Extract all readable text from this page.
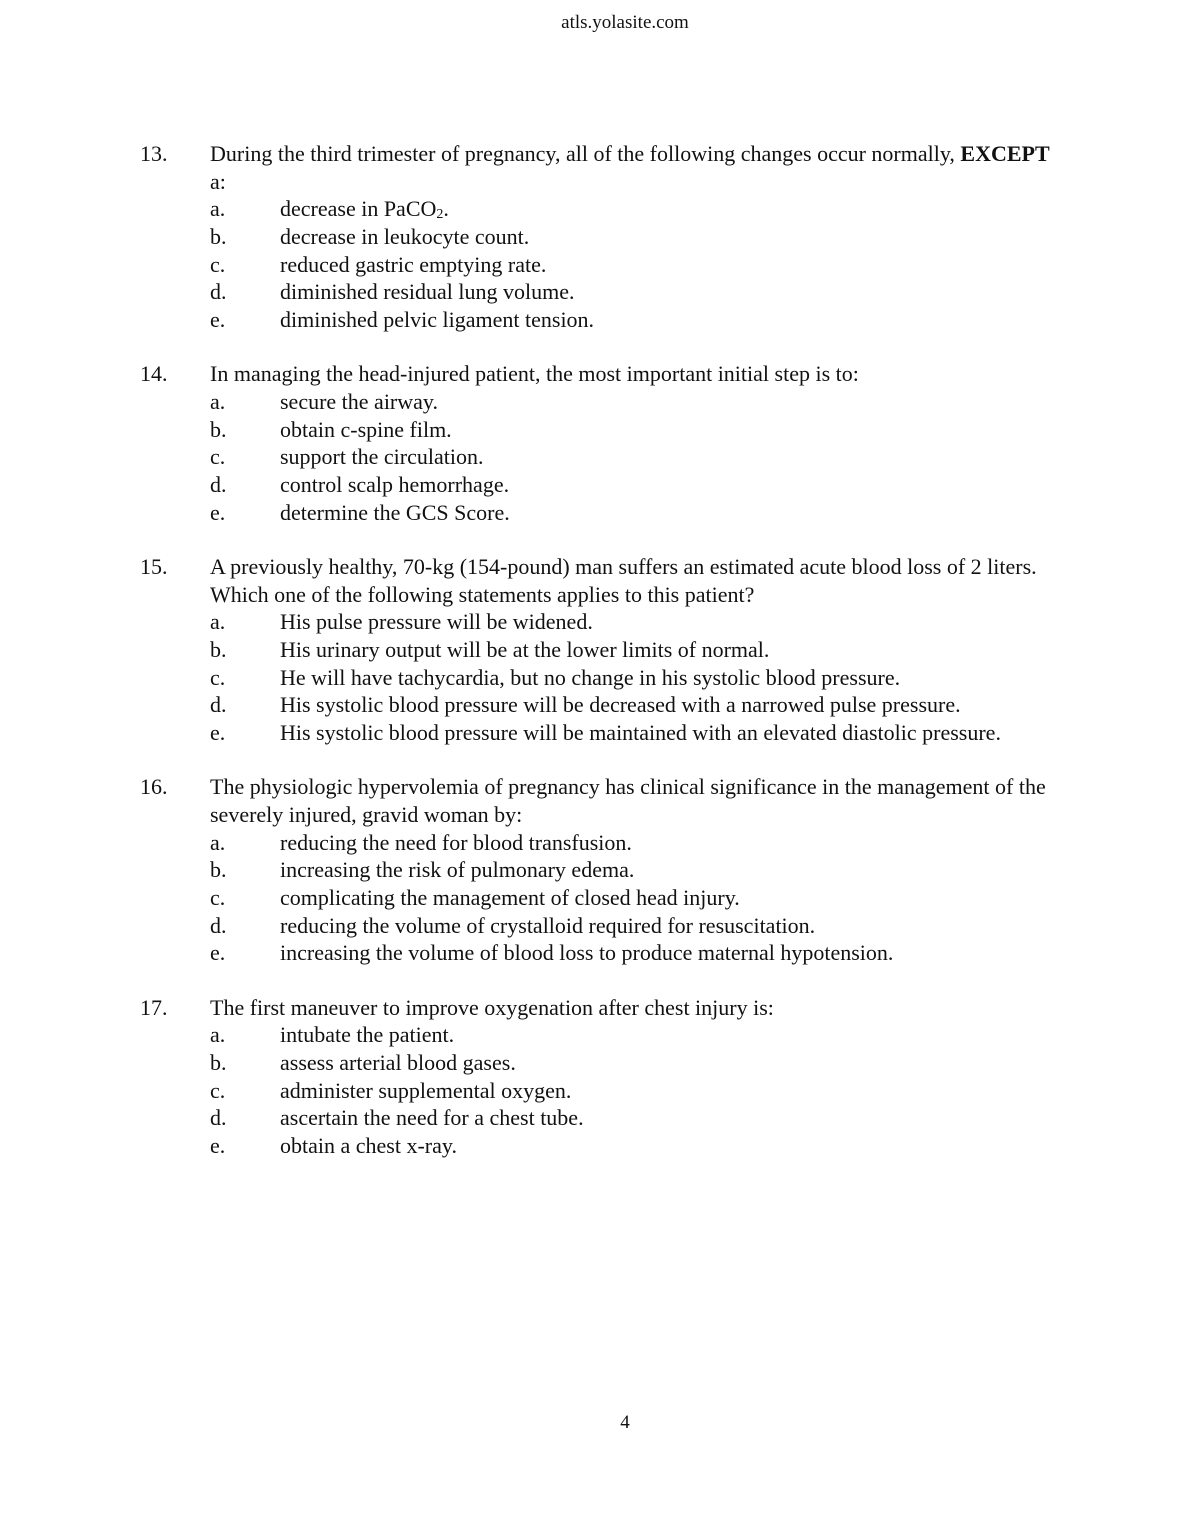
atls.yolasite.com
13. During the third trimester of pregnancy, all of the following changes occur normally, EXCEPT a:
a. decrease in PaCO$_2$.
b. decrease in leukocyte count.
c. reduced gastric emptying rate.
d. diminished residual lung volume.
e. diminished pelvic ligament tension.
14. In managing the head-injured patient, the most important initial step is to:
a. secure the airway.
b. obtain c-spine film.
c. support the circulation.
d. control scalp hemorrhage.
e. determine the GCS Score.
15. A previously healthy, 70-kg (154-pound) man suffers an estimated acute blood loss of 2 liters. Which one of the following statements applies to this patient?
a. His pulse pressure will be widened.
b. His urinary output will be at the lower limits of normal.
c. He will have tachycardia, but no change in his systolic blood pressure.
d. His systolic blood pressure will be decreased with a narrowed pulse pressure.
e. His systolic blood pressure will be maintained with an elevated diastolic pressure.
16. The physiologic hypervolemia of pregnancy has clinical significance in the management of the severely injured, gravid woman by:
a. reducing the need for blood transfusion.
b. increasing the risk of pulmonary edema.
c. complicating the management of closed head injury.
d. reducing the volume of crystalloid required for resuscitation.
e. increasing the volume of blood loss to produce maternal hypotension.
17. The first maneuver to improve oxygenation after chest injury is:
a. intubate the patient.
b. assess arterial blood gases.
c. administer supplemental oxygen.
d. ascertain the need for a chest tube.
e. obtain a chest x-ray.
4
